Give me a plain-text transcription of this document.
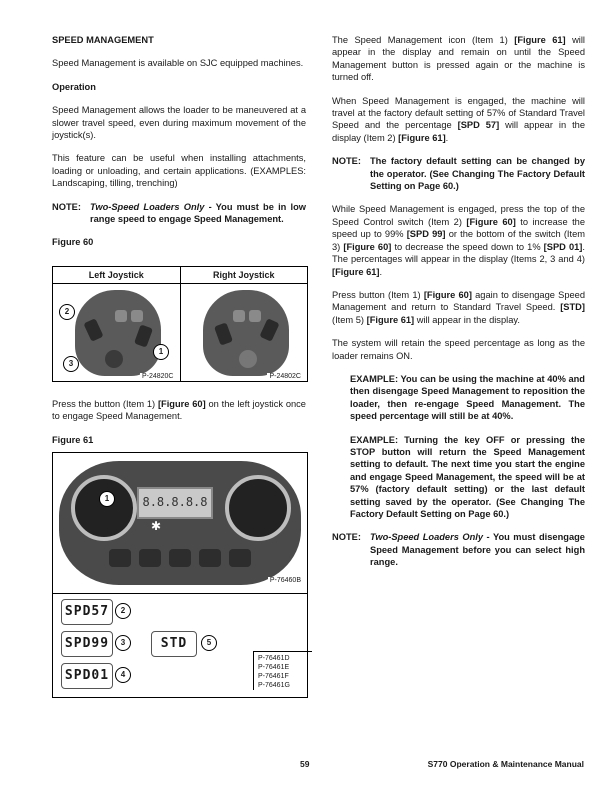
SPEED MANAGEMENT
Speed Management is available on SJC equipped machines.
Operation
Speed Management allows the loader to be maneuvered at a slower travel speed, even during maximum movement of the joystick(s).
This feature can be useful when installing attachments, loading or unloading, and certain applications. (EXAMPLES: Landscaping, tilling, trenching)
NOTE: Two-Speed Loaders Only - You must be in low range speed to engage Speed Management.
Figure 60
Left Joystick	Right Joystick
2
3
1
P-24820C	P-24802C
Press the button (Item 1) [Figure 60] on the left joystick once to engage Speed Management.
Figure 61
8.8.8.8.8
✱
1
P-76460B
SPD57	2
SPD99	3	STD	5
SPD01	4
P-76461D
P-76461E
P-76461F
P-76461G
The Speed Management icon (Item 1) [Figure 61] will appear in the display and remain on until the Speed Management button is pressed again or the machine is turned off.
When Speed Management is engaged, the machine will travel at the factory default setting of 57% of Standard Travel Speed and the percentage [SPD 57] will appear in the display (Item 2) [Figure 61].
NOTE: The factory default setting can be changed by the operator. (See Changing The Factory Default Setting on Page 60.)
While Speed Management is engaged, press the top of the Speed Control switch (Item 2) [Figure 60] to increase the speed up to 99% [SPD 99] or the bottom of the switch (Item 3) [Figure 60] to decrease the speed down to 1% [SPD 01]. The percentages will appear in the display (Items 2, 3 and 4) [Figure 61].
Press button (Item 1) [Figure 60] again to disengage Speed Management and return to Standard Travel Speed. [STD] (Item 5) [Figure 61] will appear in the display.
The system will retain the speed percentage as long as the loader remains ON.
EXAMPLE: You can be using the machine at 40% and then disengage Speed Management to reposition the loader, then re-engage Speed Management. The speed percentage will still be at 40%.
EXAMPLE: Turning the key OFF or pressing the STOP button will return the Speed Management setting to default. The next time you start the engine and engage Speed Management, the speed will be at 57% (factory default setting) or the last default setting saved by the operator. (See Changing The Factory Default Setting on Page 60.)
NOTE: Two-Speed Loaders Only - You must disengage Speed Management before you can select high range.
59	S770 Operation & Maintenance Manual
